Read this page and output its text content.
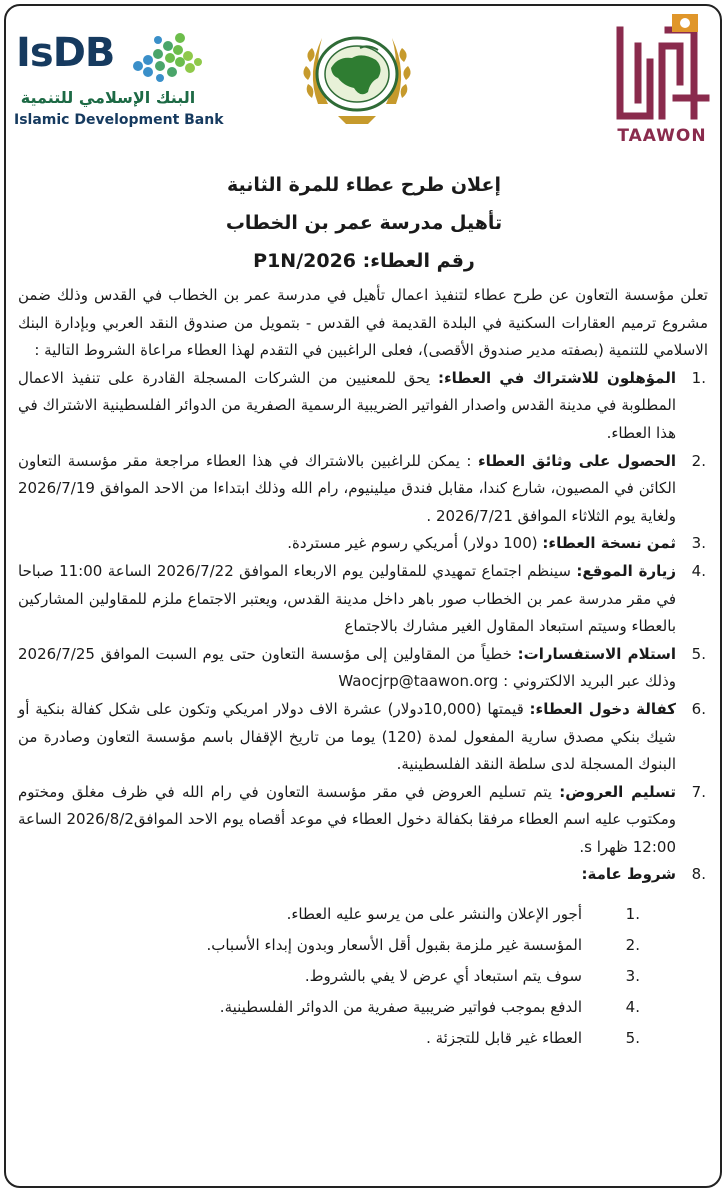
TAAWON
IsDB
البنك الإسلامي للتنمية
Islamic Development Bank
إعلان طرح عطاء للمرة الثانية
تأهيل مدرسة عمر بن الخطاب
رقم العطاء: P1N/2026

تعلن مؤسسة التعاون عن طرح عطاء لتنفيذ اعمال تأهيل في مدرسة عمر بن الخطاب في القدس وذلك ضمن مشروع ترميم العقارات السكنية في البلدة القديمة في القدس - بتمويل من صندوق النقد العربي وبإدارة البنك الاسلامي للتنمية (بصفته مدير صندوق الأقصى)، فعلى الراغبين في التقدم لهذا العطاء مراعاة الشروط التالية :

.1
المؤهلون للاشتراك في العطاء: يحق للمعنيين من الشركات المسجلة القادرة على تنفيذ الاعمال المطلوبة في مدينة القدس واصدار الفواتير الضريبية الرسمية الصفرية من الدوائر الفلسطينية الاشتراك في هذا العطاء.
.2
الحصول على وثائق العطاء : يمكن للراغبين بالاشتراك في هذا العطاء مراجعة مقر مؤسسة التعاون الكائن في المصيون، شارع كندا، مقابل فندق ميلينيوم، رام الله وذلك ابتداءا من الاحد الموافق 2026/7/19 ولغاية يوم الثلاثاء الموافق 2026/7/21 .
.3
ثمن نسخة العطاء: (100 دولار) أمريكي رسوم غير مستردة.
.4
زيارة الموقع: سينظم اجتماع تمهيدي للمقاولين يوم الاربعاء الموافق 2026/7/22 الساعة 11:00 صباحا في مقر مدرسة عمر بن الخطاب صور باهر داخل مدينة القدس، ويعتبر الاجتماع ملزم للمقاولين المشاركين بالعطاء وسيتم استبعاد المقاول الغير مشارك بالاجتماع
.5
استلام الاستفسارات: خطياً من المقاولين إلى مؤسسة التعاون حتى يوم السبت الموافق 2026/7/25 وذلك عبر البريد الالكتروني : Waocjrp@taawon.org
.6
كفالة دخول العطاء: قيمتها (10,000دولار) عشرة الاف دولار امريكي وتكون على شكل كفالة بنكية أو شيك بنكي مصدق سارية المفعول لمدة (120) يوما من تاريخ الإقفال باسم مؤسسة التعاون وصادرة من البنوك المسجلة لدى سلطة النقد الفلسطينية.
.7
تسليم العروض: يتم تسليم العروض في مقر مؤسسة التعاون في رام الله في ظرف مغلق ومختوم ومكتوب عليه اسم العطاء مرفقا بكفالة دخول العطاء في موعد أقصاه يوم الاحد الموافق2026/8/2 الساعة 12:00 ظهرا s.
.8
شروط عامة:
.1
أجور الإعلان والنشر على من يرسو عليه العطاء.
.2
المؤسسة غير ملزمة بقبول أقل الأسعار وبدون إبداء الأسباب.
.3
سوف يتم استبعاد أي عرض لا يفي بالشروط.
.4
الدفع بموجب فواتير ضريبية صفرية من الدوائر الفلسطينية.
.5
العطاء غير قابل للتجزئة .
